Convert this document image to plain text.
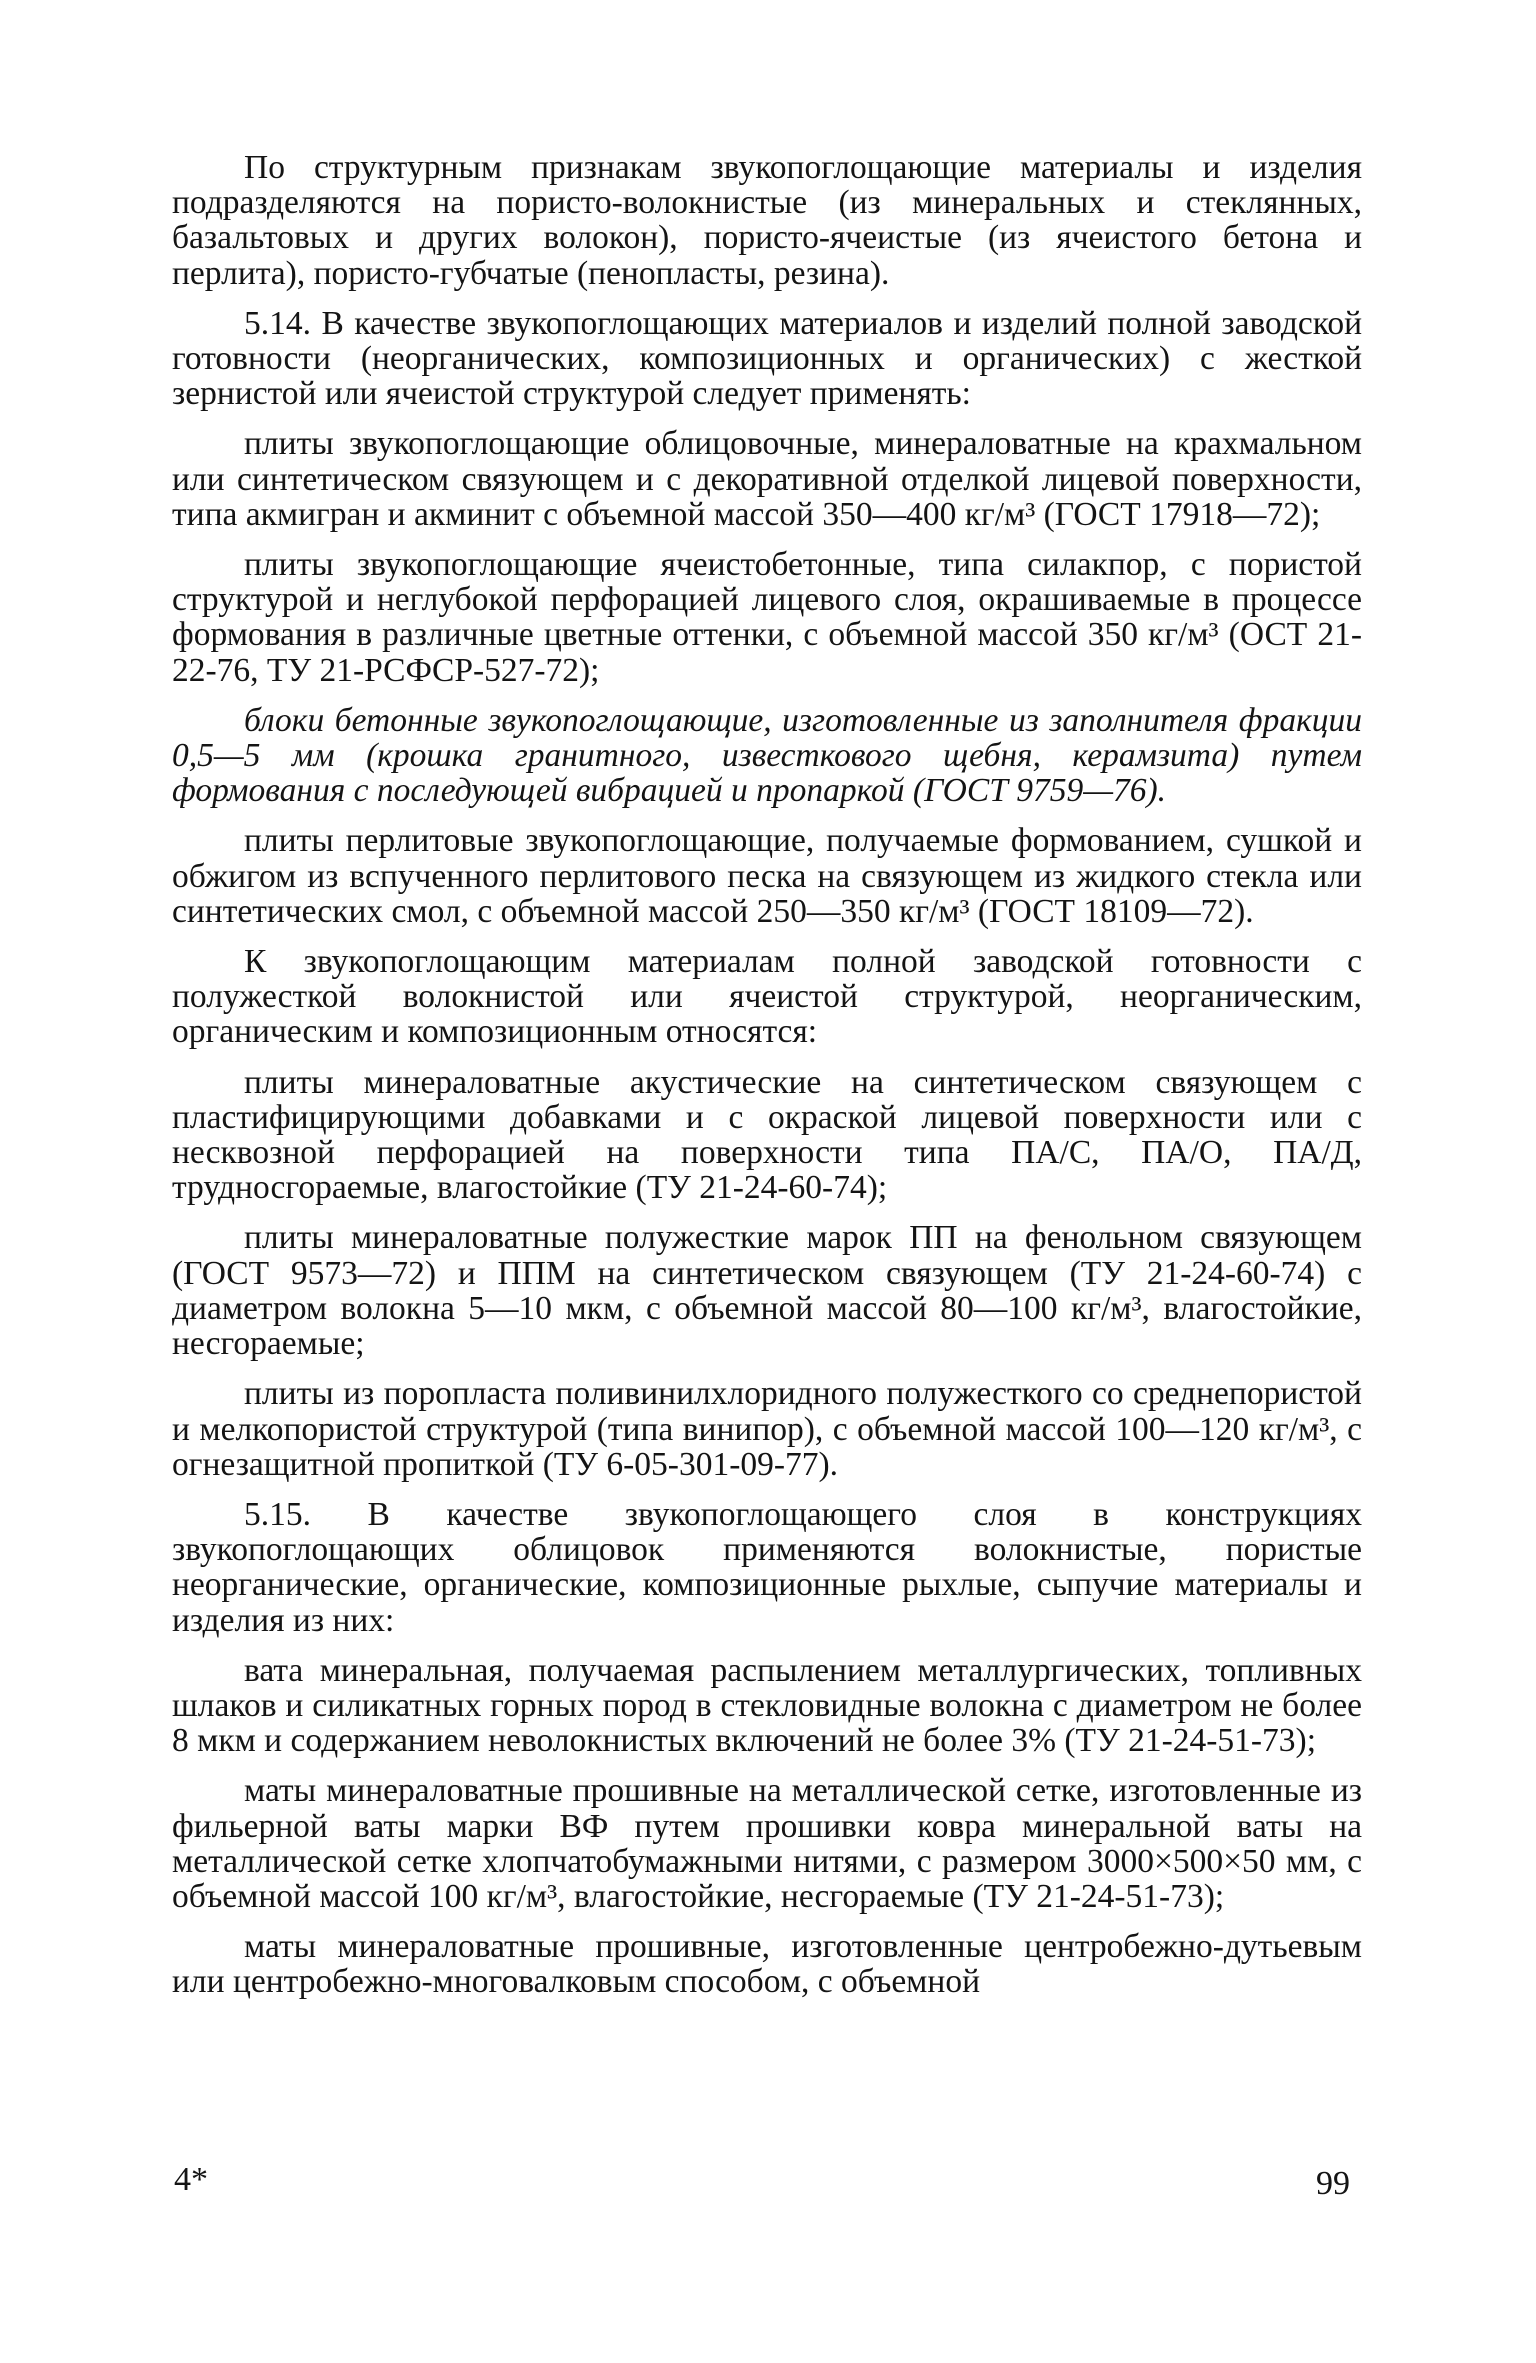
По структурным признакам звукопоглощающие материалы и изделия подразделяются на пористо-волокнистые (из минеральных и стеклянных, базальтовых и других волокон), пористо-ячеистые (из ячеистого бетона и перлита), пористо-губчатые (пенопласты, резина).

5.14. В качестве звукопоглощающих материалов и изделий полной заводской готовности (неорганических, композиционных и органических) с жесткой зернистой или ячеистой структурой следует применять:

плиты звукопоглощающие облицовочные, минераловатные на крахмальном или синтетическом связующем и с декоративной отделкой лицевой поверхности, типа акмигран и акминит с объемной массой 350—400 кг/м³ (ГОСТ 17918—72);

плиты звукопоглощающие ячеистобетонные, типа силакпор, с пористой структурой и неглубокой перфорацией лицевого слоя, окрашиваемые в процессе формования в различные цветные оттенки, с объемной массой 350 кг/м³ (ОСТ 21-22-76, ТУ 21-РСФСР-527-72);

блоки бетонные звукопоглощающие, изготовленные из заполнителя фракции 0,5—5 мм (крошка гранитного, известкового щебня, керамзита) путем формования с последующей вибрацией и пропаркой (ГОСТ 9759—76).

плиты перлитовые звукопоглощающие, получаемые формованием, сушкой и обжигом из вспученного перлитового песка на связующем из жидкого стекла или синтетических смол, с объемной массой 250—350 кг/м³ (ГОСТ 18109—72).

К звукопоглощающим материалам полной заводской готовности с полужесткой волокнистой или ячеистой структурой, неорганическим, органическим и композиционным относятся:

плиты минераловатные акустические на синтетическом связующем с пластифицирующими добавками и с окраской лицевой поверхности или с несквозной перфорацией на поверхности типа ПА/С, ПА/О, ПА/Д, трудносгораемые, влагостойкие (ТУ 21-24-60-74);

плиты минераловатные полужесткие марок ПП на фенольном связующем (ГОСТ 9573—72) и ППМ на синтетическом связующем (ТУ 21-24-60-74) с диаметром волокна 5—10 мкм, с объемной массой 80—100 кг/м³, влагостойкие, несгораемые;

плиты из поропласта поливинилхлоридного полужесткого со среднепористой и мелкопористой структурой (типа винипор), с объемной массой 100—120 кг/м³, с огнезащитной пропиткой (ТУ 6-05-301-09-77).

5.15. В качестве звукопоглощающего слоя в конструкциях звукопоглощающих облицовок применяются волокнистые, пористые неорганические, органические, композиционные рыхлые, сыпучие материалы и изделия из них:

вата минеральная, получаемая распылением металлургических, топливных шлаков и силикатных горных пород в стекловидные волокна с диаметром не более 8 мкм и содержанием неволокнистых включений не более 3% (ТУ 21-24-51-73);

маты минераловатные прошивные на металлической сетке, изготовленные из фильерной ваты марки ВФ путем прошивки ковра минеральной ваты на металлической сетке хлопчатобумажными нитями, с размером 3000×500×50 мм, с объемной массой 100 кг/м³, влагостойкие, несгораемые (ТУ 21-24-51-73);

маты минераловатные прошивные, изготовленные центробежно-дутьевым или центробежно-многовалковым способом, с объемной

4*	99
